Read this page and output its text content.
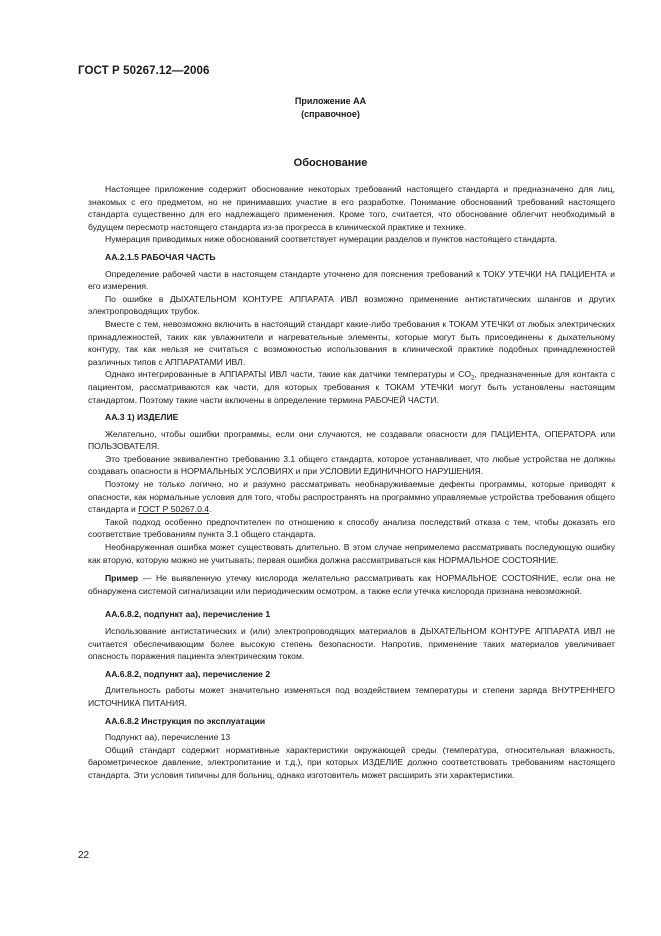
ГОСТ Р 50267.12—2006
Приложение АА
(справочное)
Обоснование

Настоящее приложение содержит обоснование некоторых требований настоящего стандарта и предназначено для лиц, знакомых с его предметом, но не принимавших участие в его разработке. Понимание обоснований требований настоящего стандарта существенно для его надлежащего применения. Кроме того, считается, что обоснование облегчит необходимый в будущем пересмотр настоящего стандарта из-за прогресса в клинической практике и технике.

Нумерация приводимых ниже обоснований соответствует нумерации разделов и пунктов настоящего стандарта.

АА.2.1.5 РАБОЧАЯ ЧАСТЬ

Определение рабочей части в настоящем стандарте уточнено для пояснения требований к ТОКУ УТЕЧКИ НА ПАЦИЕНТА и его измерения.

По ошибке в ДЫХАТЕЛЬНОМ КОНТУРЕ АППАРАТА ИВЛ возможно применение антистатических шлангов и других электропроводящих трубок.

Вместе с тем, невозможно включить в настоящий стандарт какие-либо требования к ТОКАМ УТЕЧКИ от любых электрических принадлежностей, таких как увлажнители и нагревательные элементы, которые могут быть присоединены к дыхательному контуру, так как нельзя не считаться с возможностью использования в клинической практике подобных принадлежностей различных типов с АППАРАТАМИ ИВЛ.

Однако интегрированные в АППАРАТЫ ИВЛ части, такие как датчики температуры и $CO_2$, предназначенные для контакта с пациентом, рассматриваются как части, для которых требования к ТОКАМ УТЕЧКИ могут быть установлены настоящим стандартом. Поэтому такие части включены в определение термина РАБОЧЕЙ ЧАСТИ.

АА.3 1) ИЗДЕЛИЕ

Желательно, чтобы ошибки программы, если они случаются, не создавали опасности для ПАЦИЕНТА, ОПЕРАТОРА или ПОЛЬЗОВАТЕЛЯ.

Это требование эквивалентно требованию 3.1 общего стандарта, которое устанавливает, что любые устройства не должны создавать опасности в НОРМАЛЬНЫХ УСЛОВИЯХ и при УСЛОВИИ ЕДИНИЧНОГО НАРУШЕНИЯ.

Поэтому не только логично, но и разумно рассматривать необнаруживаемые дефекты программы, которые приводят к опасности, как нормальные условия для того, чтобы распространять на программно управляемые устройства требования общего стандарта и ГОСТ Р 50267.0.4.

Такой подход особенно предпочтителен по отношению к способу анализа последствий отказа с тем, чтобы доказать его соответствие требованиям пункта 3.1 общего стандарта.

Необнаруженная ошибка может существовать длительно. В этом случае непримелемо рассматривать последующую ошибку как вторую, которую можно не учитывать; первая ошибка должна рассматриваться как НОРМАЛЬНОЕ СОСТОЯНИЕ.

Пример — Не выявленную утечку кислорода желательно рассматривать как НОРМАЛЬНОЕ СОСТОЯНИЕ, если она не обнаружена системой сигнализации или периодическим осмотром, а также если утечка кислорода признана невозможной.

АА.6.8.2, подпункт аа), перечисление 1

Использование антистатических и (или) электропроводящих материалов в ДЫХАТЕЛЬНОМ КОНТУРЕ АППАРАТА ИВЛ не считается обеспечивающим более высокую степень безопасности. Напротив, применение таких материалов увеличивает опасность поражения пациента электрическим током.

АА.6.8.2, подпункт аа), перечисление 2

Длительность работы может значительно изменяться под воздействием температуры и степени заряда ВНУТРЕННЕГО ИСТОЧНИКА ПИТАНИЯ.

АА.6.8.2 Инструкция по эксплуатации

Подпункт аа), перечисление 13

Общий стандарт содержит нормативные характеристики окружающей среды (температура, относительная влажность, барометрическое давление, электропитание и т.д.), при которых ИЗДЕЛИЕ должно соответствовать требованиям настоящего стандарта. Эти условия типичны для больниц, однако изготовитель может расширить эти характеристики.

22
